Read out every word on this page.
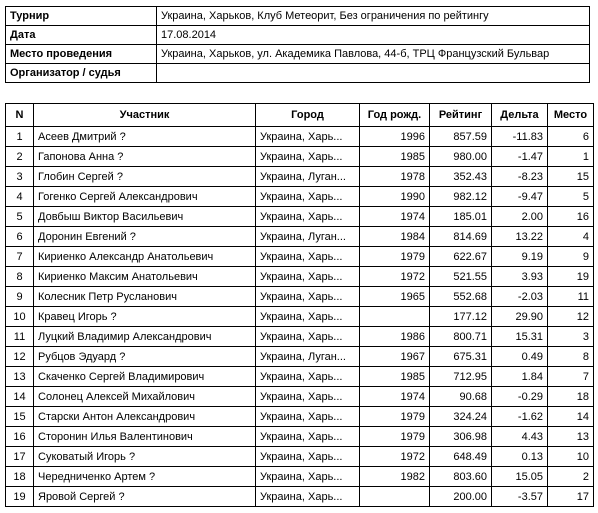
Турнир	Украина, Харьков, Клуб Метеорит, Без ограничения по рейтингу
Дата	17.08.2014
Место проведения	Украина, Харьков, ул. Академика Павлова, 44-б, ТРЦ Французский Бульвар
Организатор / судья	
N	Участник	Город	Год рожд.	Рейтинг	Дельта	Место
1	Асеев Дмитрий ?	Украина, Харь...	1996	857.59	-11.83	6
2	Гапонова Анна ?	Украина, Харь...	1985	980.00	-1.47	1
3	Глобин Сергей ?	Украина, Луган...	1978	352.43	-8.23	15
4	Гогенко Сергей Александрович	Украина, Харь...	1990	982.12	-9.47	5
5	Довбыш Виктор Васильевич	Украина, Харь...	1974	185.01	2.00	16
6	Доронин Евгений ?	Украина, Луган...	1984	814.69	13.22	4
7	Кириенко Александр Анатольевич	Украина, Харь...	1979	622.67	9.19	9
8	Кириенко Максим Анатольевич	Украина, Харь...	1972	521.55	3.93	19
9	Колесник Петр Русланович	Украина, Харь...	1965	552.68	-2.03	11
10	Кравец Игорь ?	Украина, Харь...		177.12	29.90	12
11	Луцкий Владимир Александрович	Украина, Харь...	1986	800.71	15.31	3
12	Рубцов Эдуард ?	Украина, Луган...	1967	675.31	0.49	8
13	Скаченко Сергей Владимирович	Украина, Харь...	1985	712.95	1.84	7
14	Солонец Алексей Михайлович	Украина, Харь...	1974	90.68	-0.29	18
15	Старски Антон Александрович	Украина, Харь...	1979	324.24	-1.62	14
16	Сторонин Илья Валентинович	Украина, Харь...	1979	306.98	4.43	13
17	Суковатый Игорь ?	Украина, Харь...	1972	648.49	0.13	10
18	Чередниченко Артем ?	Украина, Харь...	1982	803.60	15.05	2
19	Яровой Сергей ?	Украина, Харь...		200.00	-3.57	17
